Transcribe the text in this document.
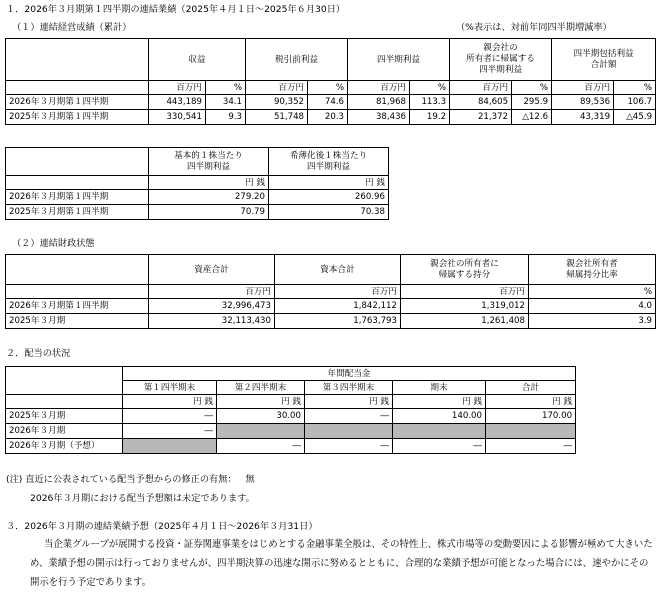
１．2026年３月期第１四半期の連結業績（2025年４月１日～2025年６月30日）
（１）連結経営成績（累計）	（%表示は、対前年同四半期増減率）
	収益		税引前利益		四半期利益		親会社の
所有者に帰属する
四半期利益		四半期包括利益
合計額	
	百万円	%	百万円	%	百万円	%	百万円	%	百万円	%
2026年３月期第１四半期	443,189	34.1	90,352	74.6	81,968	113.3	84,605	295.9	89,536	106.7
2025年３月期第１四半期	330,541	9.3	51,748	20.3	38,436	19.2	21,372	△12.6	43,319	△45.9
	基本的１株当たり
四半期利益	希薄化後１株当たり
四半期利益
	円 銭	円 銭
2026年３月期第１四半期	279.20	260.96
2025年３月期第１四半期	70.79	70.38
（２）連結財政状態
	資産合計	資本合計	親会社の所有者に
帰属する持分	親会社所有者
帰属持分比率
	百万円	百万円	百万円	%
2026年３月期第１四半期	32,996,473	1,842,112	1,319,012	4.0
2025年３月期	32,113,430	1,763,793	1,261,408	3.9
２．配当の状況
	年間配当金				
	第１四半期末	第２四半期末	第３四半期末	期末	合計
	円 銭	円 銭	円 銭	円 銭	円 銭
2025年３月期	―	30.00	―	140.00	170.00
2026年３月期	―				
2026年３月期（予想）		―	―	―	―
(注) 直近に公表されている配当予想からの修正の有無： 無
2026年３月期における配当予想額は未定であります。
３．2026年３月期の連結業績予想（2025年４月１日～2026年３月31日）
当企業グループが展開する投資・証券関連事業をはじめとする金融事業全般は、その特性上、株式市場等の変動要因による影響が極めて大きいため、業績予想の開示は行っておりませんが、四半期決算の迅速な開示に努めるとともに、合理的な業績予想が可能となった場合には、速やかにその開示を行う予定であります。
